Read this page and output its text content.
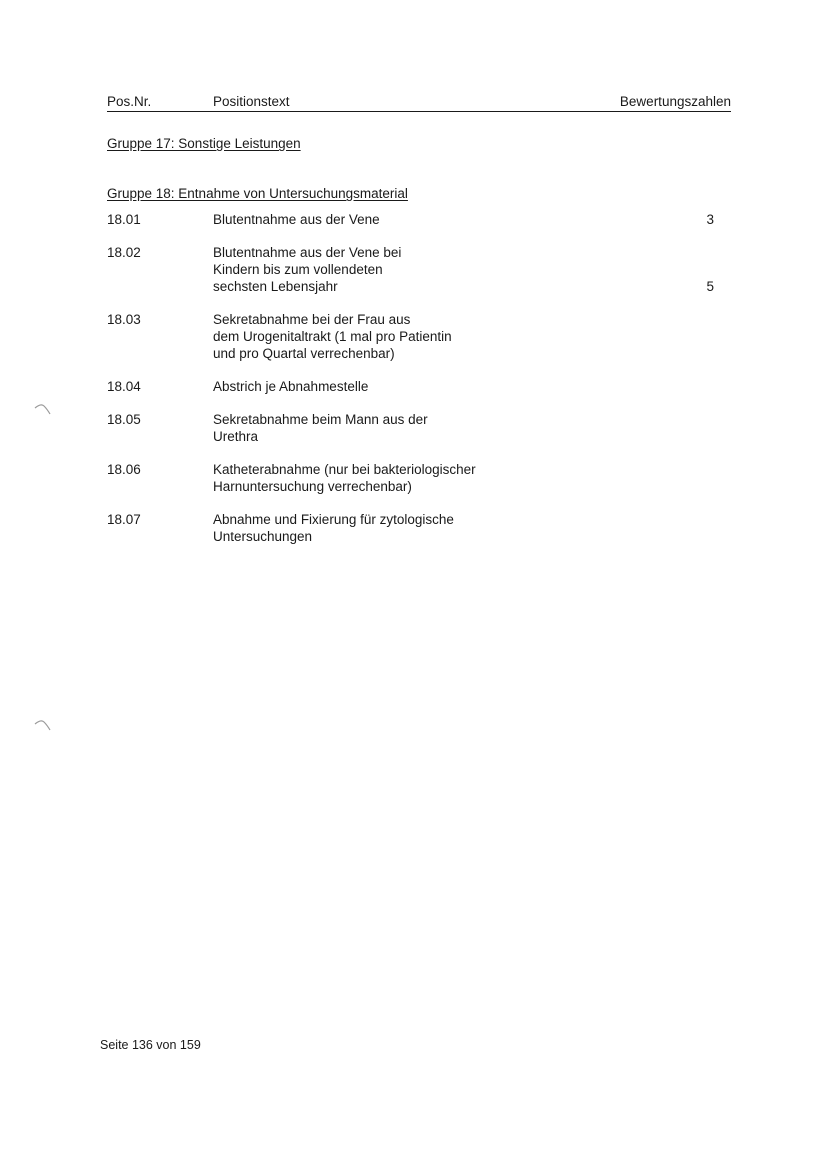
Pos.Nr.	Positionstext	Bewertungszahlen
Gruppe 17: Sonstige Leistungen
Gruppe 18: Entnahme von Untersuchungsmaterial
18.01	Blutentnahme aus der Vene	3
18.02	Blutentnahme aus der Vene bei
Kindern bis zum vollendeten
sechsten Lebensjahr	5
18.03	Sekretabnahme bei der Frau aus
dem Urogenitaltrakt (1 mal pro Patientin
und pro Quartal verrechenbar)
18.04	Abstrich je Abnahmestelle
18.05	Sekretabnahme beim Mann aus der
Urethra
18.06	Katheterabnahme (nur bei bakteriologischer
Harnuntersuchung verrechenbar)
18.07	Abnahme und Fixierung für zytologische
Untersuchungen
Seite 136 von 159
